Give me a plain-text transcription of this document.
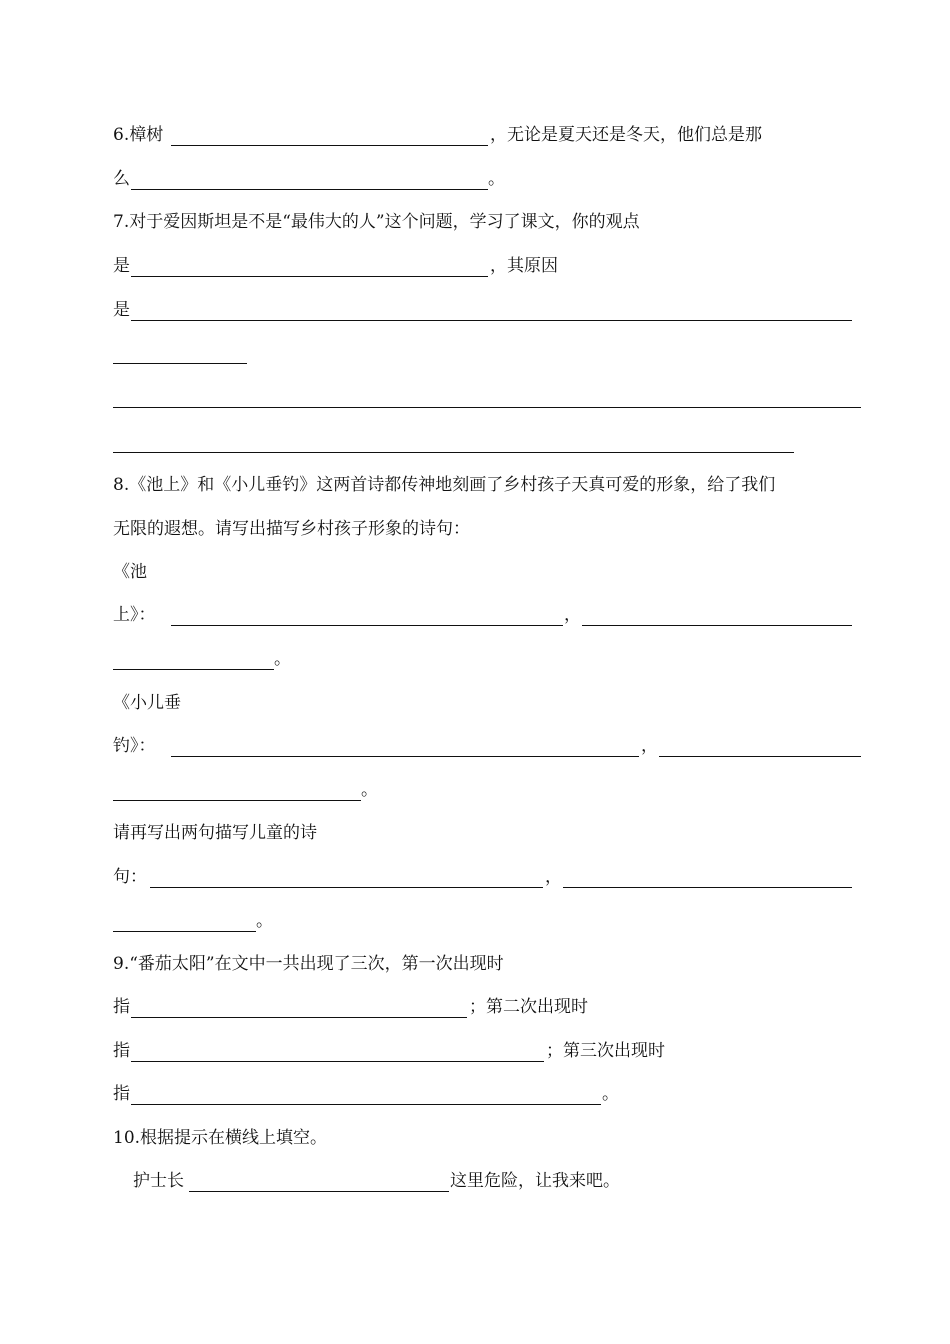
6.樟树	，无论是夏天还是冬天，他们总是那
么	。
7.对于爱因斯坦是不是“最伟大的人”这个问题，学习了课文，你的观点
是	，其原因
是
8.《池上》和《小儿垂钓》这两首诗都传神地刻画了乡村孩子天真可爱的形象，给了我们
无限的遐想。请写出描写乡村孩子形象的诗句：
《池
上》：	，
。
《小儿垂
钓》：	，
。
请再写出两句描写儿童的诗
句：	，
。
9.“番茄太阳”在文中一共出现了三次，第一次出现时
指	；第二次出现时
指	；第三次出现时
指	。
10.根据提示在横线上填空。
护士长	这里危险，让我来吧。
